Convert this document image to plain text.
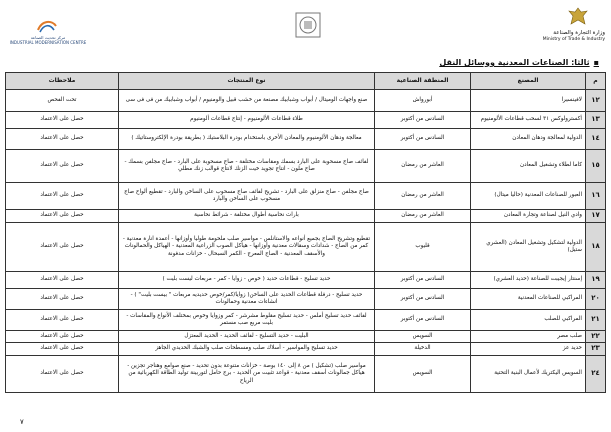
مركز تحديث الصناعة
INDUSTRIAL MODERNISATION CENTRE
وزارة التجارة والصناعة
Ministry of Trade & Industry
▪ثالثا: الصناعات المعدنية ووسائل النقل
م	المصنع	المنطقة الصناعية	نوع المنتجات	ملاحظات
١٢	لافينسيرا	أبورواش	صنع واجهات الوميتال / أبواب وشبابيك مصنعة من خشب قبيل والومنيوم / أبواب وشبابيك من فى فى سى	تحت الفحص
١٣	أكسترولوكس ٣١ لسحب قطاعات الألومنيوم	السادس من أكتوبر	طلاء قطاعات الألومنيوم - إنتاج قطاعات ألومنيوم	حصل على الاعتماد
١٤	الدولية لمعالجة ودهان المعادن	السادس من أكتوبر	معالجة ودهان الألومنيوم والمعادن الأخرى باستخدام بودرة البلاستيك ( بطريقة بودرة الإلكتروستاتيك )	حصل على الاعتماد
١٥	كاما لطلاء وتشغيل المعادن	العاشر من رمضان	لفائف صاج مسحوبة على البارد بسمك ومقاسات مختلفة - صاج مسحوبة على البارد - صاج مجلفن بسمك - صاج ملون - انتاج تجويد خيت الزنك لانتاج قوالب زنك مطلي	حصل على الاعتماد
١٦	العبور للصناعات المعدنية (حاليا ميتال)	العاشر من رمضان	صاج مجلفن - صاج منزلق على البارد - تشريح لفائف صاج مسحوب على الساخن والبارد - تقطيع ألواح صاج مسحوب على الساخن والبارد	حصل على الاعتماد
١٧	وادي النيل لصناعة وتجارة المعادن	العاشر من رمضان	بارات نحاسية أطوال مختلفة - شرائط نحاسية	حصل على الاعتماد
١٨	الدولية لتشكيل وتشغيل المعادن (العشري ستيل)	قليوب	تقطيع وتشريح الصاج بجميع أنواعه والاستانلس - مواسير صلب ملحومة طوليا وأوزانها - أعمدة انارة معدنية - كمر من الصاج - شدادات وسقالات معدنية وأوزانها - هياكل الصوب الزراعية المعدنية - الهياكل والحمالونات والأسقف المعدنية - الصاج المعرج - الكمر السبحال - خزانات مدفونة	حصل على الاعتماد
١٩	إسنتار إيجيبت للصناعة (حديد العشري)	السادس من أكتوبر	حديد تسليح - قطاعات حديد ( خوص - زوايا - كمر - مربعات ليست بليت )	حصل على الاعتماد
٢٠	المراكبي للصناعات المعدنية	السادس من أكتوبر	حديد تسليح - درفلة قطاعات الحديد على الساخن( زوايا/كمر/خوص حديديه مربعات " بيست بليت" ) - انشاءات معدنية وحمالونات	حصل على الاعتماد
٢١	المراكبي للصلب	السادس من أكتوبر	لفائف حديد تسليح أملس - حديد تسليح مقلوط مشرشر - كمر وزوايا وخوص بمختلف الأنواع والمقاسات - بليت مربع صب مستمر	حصل على الاعتماد
٢٢	صلب مصر	السويس	البليت - حديد التسليح - لفائف الحديد - الحديد المعتزل	حصل على الاعتماد
٢٣	حديد عز	الدخيلة	حديد تسليح والمواسير - أسلاك صلب ومسطحات صلب والشبك الحديدي الجاهز	حصل على الاعتماد
٢٤	السويس اليكتريك لأعمال البنية التحتية	السويس	مواسير صلب (تشكيل ) من ٨ إلى ١٤٠ بوصة - خزانات متنوعة بدون تحديد - صنع صوامع وهناجر تجزين - هياكل جمالونات أسقف معدنية - قواعد تثبيت من الحديد - برج حامل لتوربينة توليد الطاقة الكهربائية من الرياح	حصل على الاعتماد
٧
